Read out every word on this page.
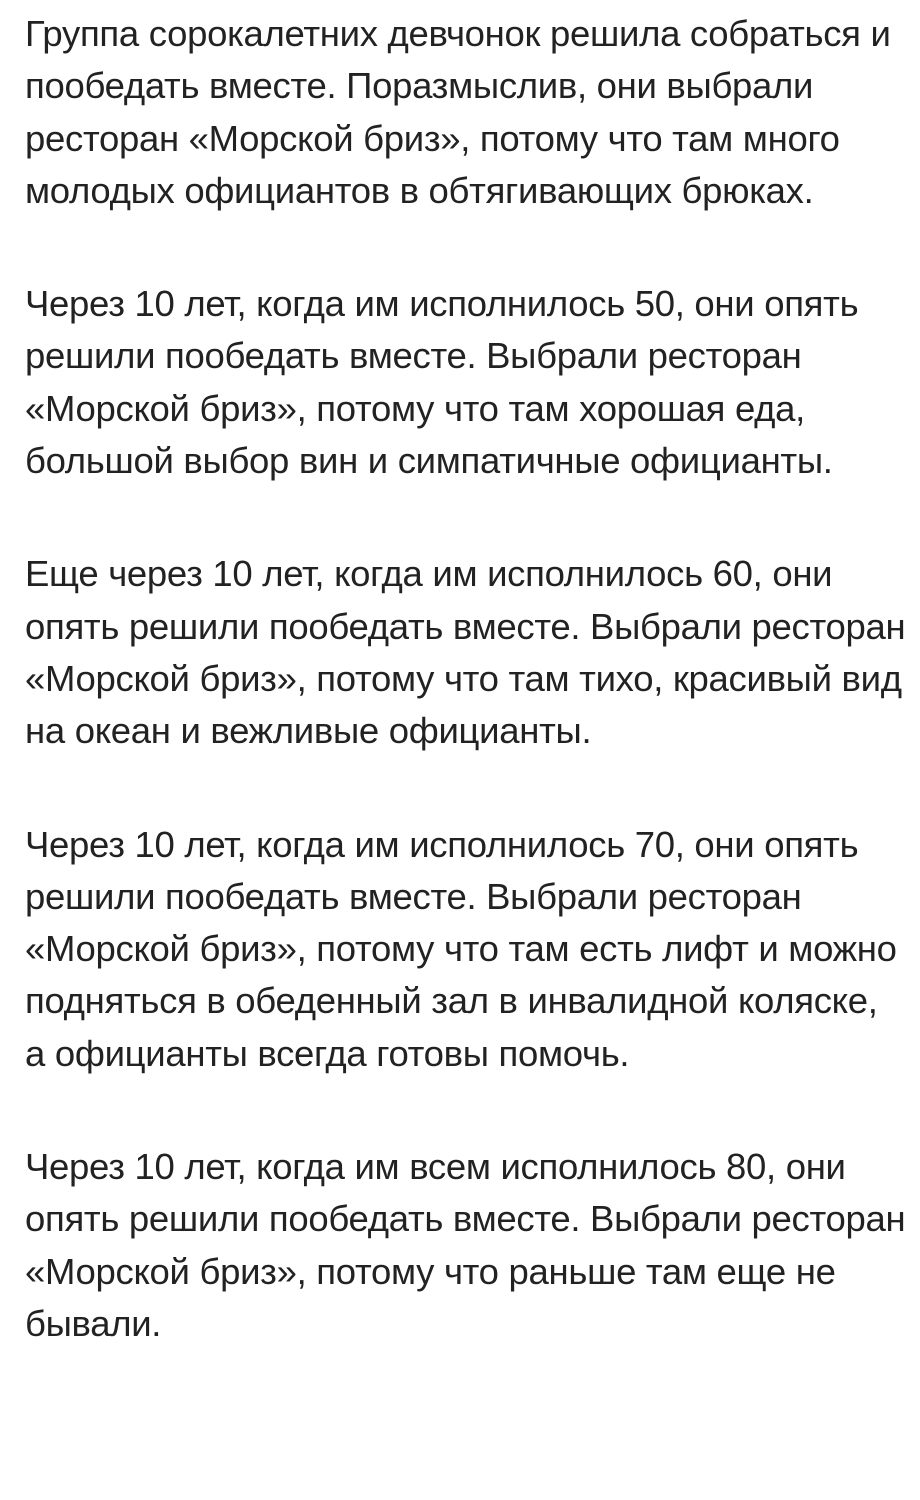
Группа сорокалетних девчонок решила собраться и пообедать вместе. Поразмыслив, они выбрали ресторан «Морской бриз», потому что там много молодых официантов в обтягивающих брюках.

Через 10 лет, когда им исполнилось 50, они опять решили пообедать вместе. Выбрали ресторан «Морской бриз», потому что там хорошая еда, большой выбор вин и симпатичные официанты.

Еще через 10 лет, когда им исполнилось 60, они опять решили пообедать вместе. Выбрали ресторан «Морской бриз», потому что там тихо, красивый вид на океан и вежливые официанты.

Через 10 лет, когда им исполнилось 70, они опять решили пообедать вместе. Выбрали ресторан «Морской бриз», потому что там есть лифт и можно подняться в обеденный зал в инвалидной коляске, а официанты всегда готовы помочь.

Через 10 лет, когда им всем исполнилось 80, они опять решили пообедать вместе. Выбрали ресторан «Морской бриз», потому что раньше там еще не бывали.
